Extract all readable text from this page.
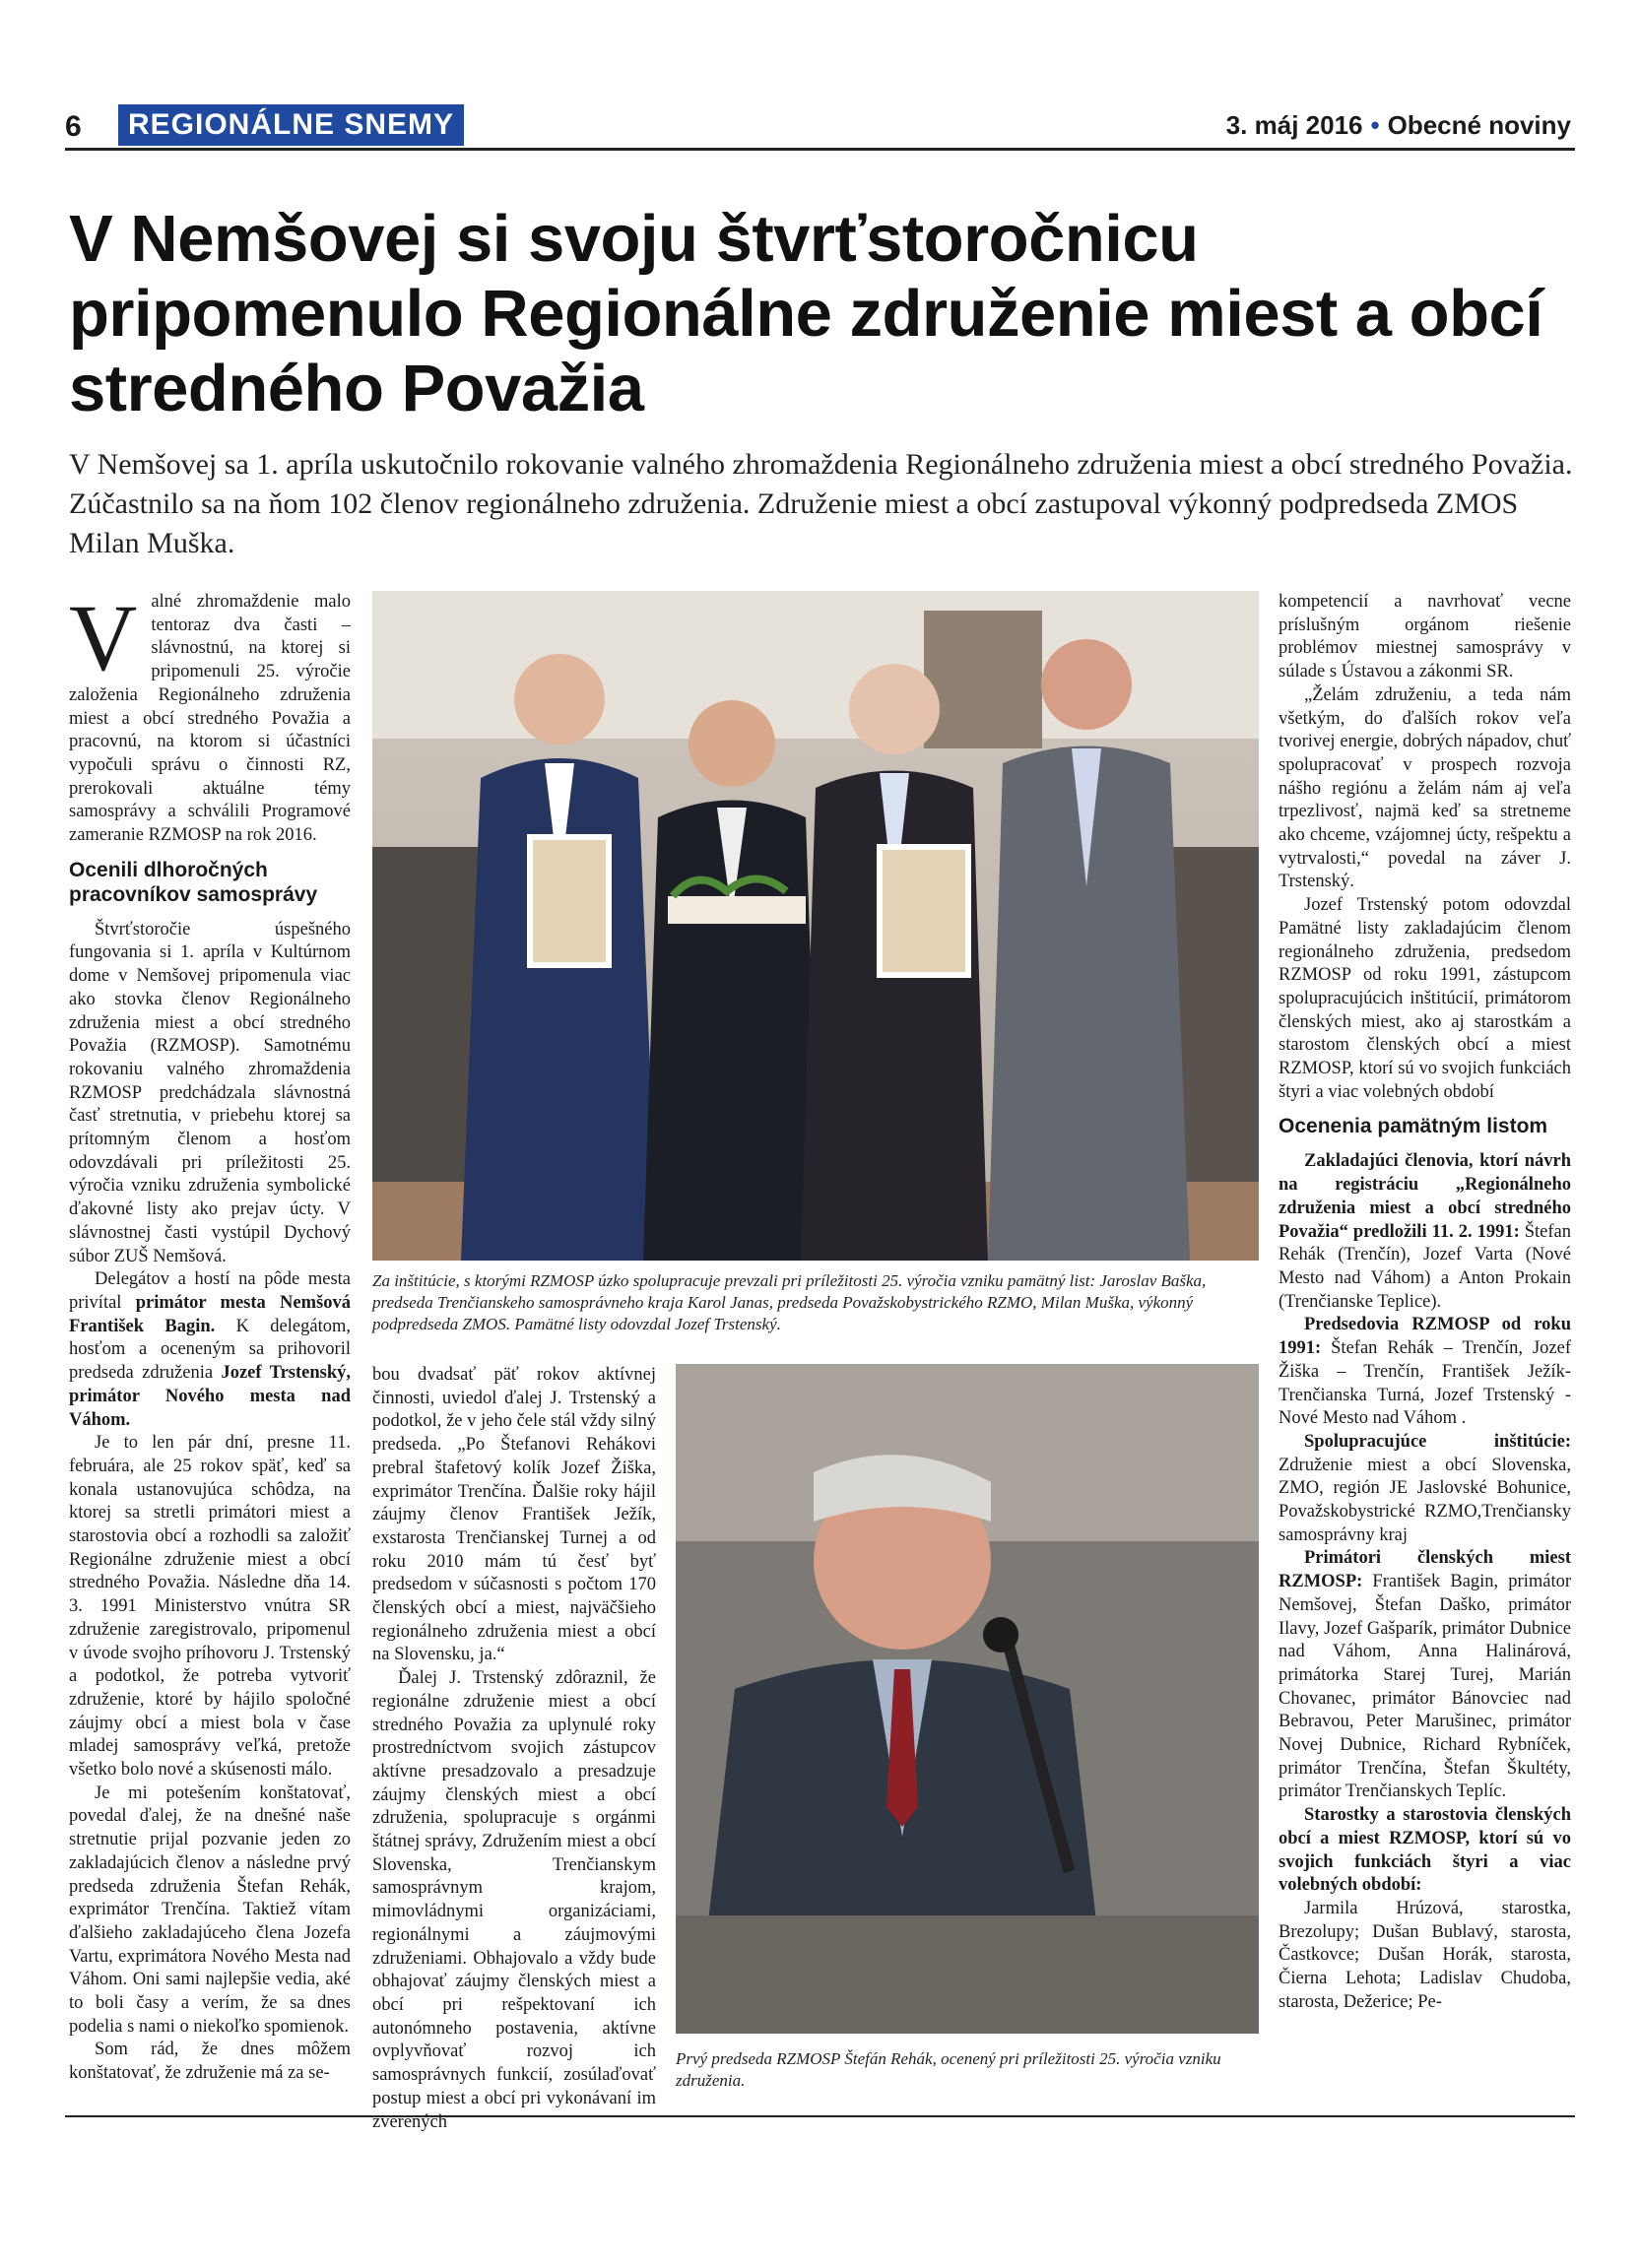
6	REGIONÁLNE SNEMY	3. máj 2016 • Obecné noviny
V Nemšovej si svoju štvrťstoročnicu pripomenulo Regionálne združenie miest a obcí stredného Považia

V Nemšovej sa 1. apríla uskutočnilo rokovanie valného zhromaždenia Regionálneho združenia miest a obcí stredného Považia. Zúčastnilo sa na ňom 102 členov regionálneho združenia. Združenie miest a obcí zastupoval výkonný podpredseda ZMOS Milan Muška.

Valné zhromaždenie malo tentoraz dva časti – slávnostnú, na ktorej si pripomenuli 25. výročie založenia Regionálneho združenia miest a obcí stredného Považia a pracovnú, na ktorom si účastníci vypočuli správu o činnosti RZ, prerokovali aktuálne témy samosprávy a schválili Programové zameranie RZMOSP na rok 2016.

Ocenili dlhoročných pracovníkov samosprávy

Štvrťstoročie úspešného fungovania si 1. apríla v Kultúrnom dome v Nemšovej pripomenula viac ako stovka členov Regionálneho združenia miest a obcí stredného Považia (RZMOSP). Samotnému rokovaniu valného zhromaždenia RZMOSP predchádzala slávnostná časť stretnutia, v priebehu ktorej sa prítomným členom a hosťom odovzdávali pri príležitosti 25. výročia vzniku združenia symbolické ďakovné listy ako prejav úcty. V slávnostnej časti vystúpil Dychový súbor ZUŠ Nemšová.

Delegátov a hostí na pôde mesta privítal primátor mesta Nemšová František Bagin. K delegátom, hosťom a oceneným sa prihovoril predseda združenia Jozef Trstenský, primátor Nového mesta nad Váhom.

Je to len pár dní, presne 11. februára, ale 25 rokov späť, keď sa konala ustanovujúca schôdza, na ktorej sa stretli primátori miest a starostovia obcí a rozhodli sa založiť Regionálne združenie miest a obcí stredného Považia. Následne dňa 14. 3. 1991 Ministerstvo vnútra SR združenie zaregistrovalo, pripomenul v úvode svojho príhovoru J. Trstenský a podotkol, že potreba vytvoriť združenie, ktoré by hájilo spoločné záujmy obcí a miest bola v čase mladej samosprávy veľká, pretože všetko bolo nové a skúsenosti málo.

Je mi potešením konštatovať, povedal ďalej, že na dnešné naše stretnutie prijal pozvanie jeden zo zakladajúcich členov a následne prvý predseda združenia Štefan Rehák, exprimátor Trenčína. Taktiež vítam ďalšieho zakladajúceho člena Jozefa Vartu, exprimátora Nového Mesta nad Váhom. Oni sami najlepšie vedia, aké to boli časy a verím, že sa dnes podelia s nami o niekoľko spomienok.

Som rád, že dnes môžem konštatovať, že združenie má za se-

Za inštitúcie, s ktorými RZMOSP úzko spolupracuje prevzali pri príležitosti 25. výročia vzniku pamätný list: Jaroslav Baška, predseda Trenčianskeho samosprávneho kraja Karol Janas, predseda Považskobystrického RZMO, Milan Muška, výkonný podpredseda ZMOS. Pamätné listy odovzdal Jozef Trstenský.

bou dvadsať päť rokov aktívnej činnosti, uviedol ďalej J. Trstenský a podotkol, že v jeho čele stál vždy silný predseda. „Po Štefanovi Rehákovi prebral štafetový kolík Jozef Žiška, exprimátor Trenčína. Ďalšie roky hájil záujmy členov František Ježík, exstarosta Trenčianskej Turnej a od roku 2010 mám tú česť byť predsedom v súčasnosti s počtom 170 členských obcí a miest, najväčšieho regionálneho združenia miest a obcí na Slovensku, ja.“

Ďalej J. Trstenský zdôraznil, že regionálne združenie miest a obcí stredného Považia za uplynulé roky prostredníctvom svojich zástupcov aktívne presadzovalo a presadzuje záujmy členských miest a obcí združenia, spolupracuje s orgánmi štátnej správy, Združením miest a obcí Slovenska, Trenčianskym samosprávnym krajom, mimovládnymi organizáciami, regionálnymi a záujmovými združeniami. Obhajovalo a vždy bude obhajovať záujmy členských miest a obcí pri rešpektovaní ich autonómneho postavenia, aktívne ovplyvňovať rozvoj ich samosprávnych funkcií, zosúlaďovať postup miest a obcí pri vykonávaní im zverených

Prvý predseda RZMOSP Štefán Rehák, ocenený pri príležitosti 25. výročia vzniku združenia.

kompetencií a navrhovať vecne príslušným orgánom riešenie problémov miestnej samosprávy v súlade s Ústavou a zákonmi SR.

„Želám združeniu, a teda nám všetkým, do ďalších rokov veľa tvorivej energie, dobrých nápadov, chuť spolupracovať v prospech rozvoja nášho regiónu a želám nám aj veľa trpezlivosť, najmä keď sa stretneme ako chceme, vzájomnej úcty, rešpektu a vytrvalosti,“ povedal na záver J. Trstenský.

Jozef Trstenský potom odovzdal Pamätné listy zakladajúcim členom regionálneho združenia, predsedom RZMOSP od roku 1991, zástupcom spolupracujúcich inštitúcií, primátorom členských miest, ako aj starostkám a starostom členských obcí a miest RZMOSP, ktorí sú vo svojich funkciách štyri a viac volebných období

Ocenenia pamätným listom

Zakladajúci členovia, ktorí návrh na registráciu „Regionálneho združenia miest a obcí stredného Považia“ predložili 11. 2. 1991: Štefan Rehák (Trenčín), Jozef Varta (Nové Mesto nad Váhom) a Anton Prokain (Trenčianske Teplice).

Predsedovia RZMOSP od roku 1991: Štefan Rehák – Trenčín, Jozef Žiška – Trenčín, František Ježík- Trenčianska Turná, Jozef Trstenský - Nové Mesto nad Váhom .

Spolupracujúce inštitúcie: Združenie miest a obcí Slovenska, ZMO, región JE Jaslovské Bohunice, Považskobystrické RZMO,Trenčiansky samosprávny kraj

Primátori členských miest RZMOSP: František Bagin, primátor Nemšovej, Štefan Daško, primátor Ilavy, Jozef Gašparík, primátor Dubnice nad Váhom, Anna Halinárová, primátorka Starej Turej, Marián Chovanec, primátor Bánovciec nad Bebravou, Peter Marušinec, primátor Novej Dubnice, Richard Rybníček, primátor Trenčína, Štefan Škultéty, primátor Trenčianskych Teplíc.

Starostky a starostovia členských obcí a miest RZMOSP, ktorí sú vo svojich funkciách štyri a viac volebných období:

Jarmila Hrúzová, starostka, Brezolupy; Dušan Bublavý, starosta, Častkovce; Dušan Horák, starosta, Čierna Lehota; Ladislav Chudoba, starosta, Dežerice; Pe-
